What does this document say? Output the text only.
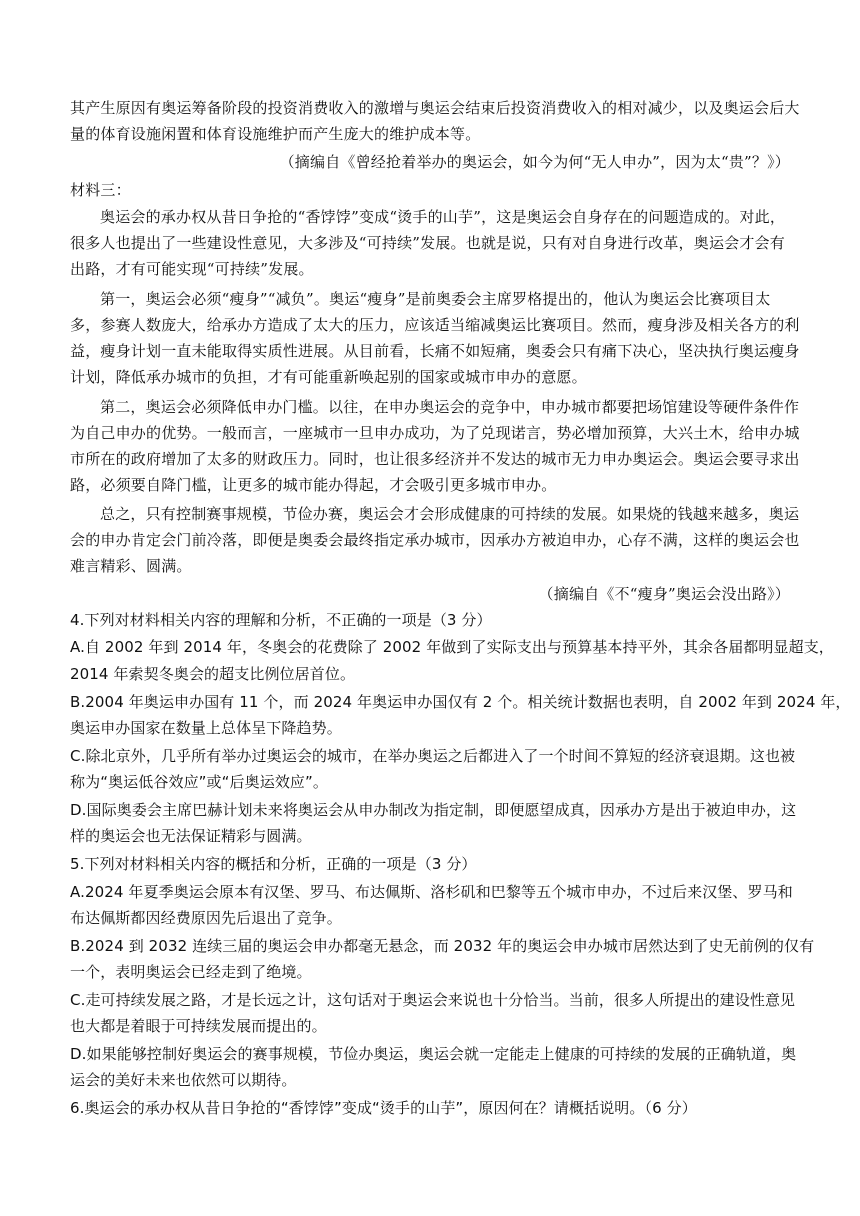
其产生原因有奥运筹备阶段的投资消费收入的激增与奥运会结束后投资消费收入的相对减少，以及奥运会后大
量的体育设施闲置和体育设施维护而产生庞大的维护成本等。
（摘编自《曾经抢着举办的奥运会，如今为何“无人申办”，因为太“贵”？》）
材料三：
奥运会的承办权从昔日争抢的“香饽饽”变成“烫手的山芋”，这是奥运会自身存在的问题造成的。对此，
很多人也提出了一些建设性意见，大多涉及“可持续”发展。也就是说，只有对自身进行改革，奥运会才会有
出路，才有可能实现“可持续”发展。
第一，奥运会必须“瘦身”“减负”。奥运“瘦身”是前奥委会主席罗格提出的，他认为奥运会比赛项目太
多，参赛人数庞大，给承办方造成了太大的压力，应该适当缩减奥运比赛项目。然而，瘦身涉及相关各方的利
益，瘦身计划一直未能取得实质性进展。从目前看，长痛不如短痛，奥委会只有痛下决心，坚决执行奥运瘦身
计划，降低承办城市的负担，才有可能重新唤起别的国家或城市申办的意愿。
第二，奥运会必须降低申办门槛。以往，在申办奥运会的竞争中，申办城市都要把场馆建设等硬件条件作
为自己申办的优势。一般而言，一座城市一旦申办成功，为了兑现诺言，势必增加预算，大兴土木，给申办城
市所在的政府增加了太多的财政压力。同时，也让很多经济并不发达的城市无力申办奥运会。奥运会要寻求出
路，必须要自降门槛，让更多的城市能办得起，才会吸引更多城市申办。
总之，只有控制赛事规模，节俭办赛，奥运会才会形成健康的可持续的发展。如果烧的钱越来越多，奥运
会的申办肯定会门前冷落，即便是奥委会最终指定承办城市，因承办方被迫申办，心存不满，这样的奥运会也
难言精彩、圆满。
（摘编自《不“瘦身”奥运会没出路》）
4.下列对材料相关内容的理解和分析，不正确的一项是（3 分）
A.自 2002 年到 2014 年，冬奥会的花费除了 2002 年做到了实际支出与预算基本持平外，其余各届都明显超支，
2014 年索契冬奥会的超支比例位居首位。
B.2004 年奥运申办国有 11 个，而 2024 年奥运申办国仅有 2 个。相关统计数据也表明，自 2002 年到 2024 年，
奥运申办国家在数量上总体呈下降趋势。
C.除北京外，几乎所有举办过奥运会的城市，在举办奥运之后都进入了一个时间不算短的经济衰退期。这也被
称为“奥运低谷效应”或“后奥运效应”。
D.国际奥委会主席巴赫计划未来将奥运会从申办制改为指定制，即便愿望成真，因承办方是出于被迫申办，这
样的奥运会也无法保证精彩与圆满。
5.下列对材料相关内容的概括和分析，正确的一项是（3 分）
A.2024 年夏季奥运会原本有汉堡、罗马、布达佩斯、洛杉矶和巴黎等五个城市申办，不过后来汉堡、罗马和
布达佩斯都因经费原因先后退出了竞争。
B.2024 到 2032 连续三届的奥运会申办都毫无悬念，而 2032 年的奥运会申办城市居然达到了史无前例的仅有
一个，表明奥运会已经走到了绝境。
C.走可持续发展之路，才是长远之计，这句话对于奥运会来说也十分恰当。当前，很多人所提出的建设性意见
也大都是着眼于可持续发展而提出的。
D.如果能够控制好奥运会的赛事规模，节俭办奥运，奥运会就一定能走上健康的可持续的发展的正确轨道，奥
运会的美好未来也依然可以期待。
6.奥运会的承办权从昔日争抢的“香饽饽”变成“烫手的山芋”，原因何在？请概括说明。（6 分）
